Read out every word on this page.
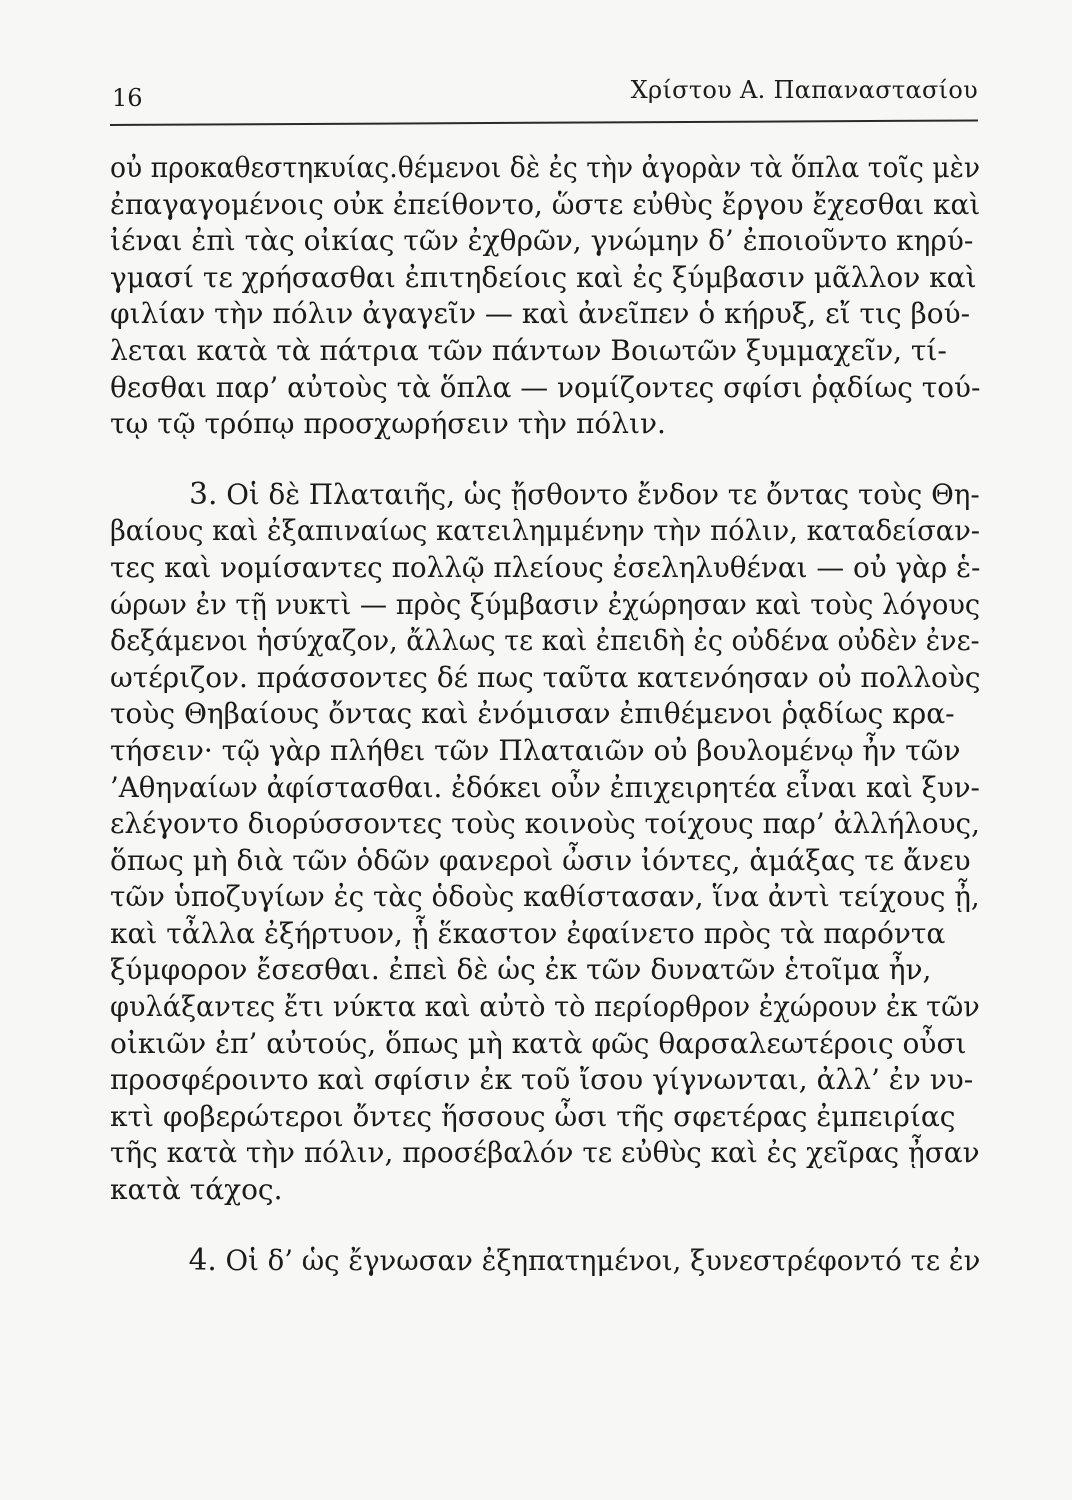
16	Χρίστου Α. Παπαναστασίου
οὐ προκαθεστηκυίας.θέμενοι δὲ ἐς τὴν ἀγορὰν τὰ ὅπλα τοῖς μὲν
ἐπαγαγομένοις οὐκ ἐπείθοντο, ὥστε εὐθὺς ἔργου ἔχεσθαι καὶ
ἰέναι ἐπὶ τὰς οἰκίας τῶν ἐχθρῶν, γνώμην δ’ ἐποιοῦντο κηρύ-
γμασί τε χρήσασθαι ἐπιτηδείοις καὶ ἐς ξύμβασιν μᾶλλον καὶ
φιλίαν τὴν πόλιν ἀγαγεῖν — καὶ ἀνεῖπεν ὁ κήρυξ, εἴ τις βού-
λεται κατὰ τὰ πάτρια τῶν πάντων Βοιωτῶν ξυμμαχεῖν, τί-
θεσθαι παρ’ αὐτοὺς τὰ ὅπλα — νομίζοντες σφίσι ῥᾳδίως τού-
τῳ τῷ τρόπῳ προσχωρήσειν τὴν πόλιν.
3. Οἱ δὲ Πλαταιῆς, ὡς ᾔσθοντο ἔνδον τε ὄντας τοὺς Θη-
βαίους καὶ ἐξαπιναίως κατειλημμένην τὴν πόλιν, καταδείσαν-
τες καὶ νομίσαντες πολλῷ πλείους ἐσεληλυθέναι — οὐ γὰρ ἑ-
ώρων ἐν τῇ νυκτὶ — πρὸς ξύμβασιν ἐχώρησαν καὶ τοὺς λόγους
δεξάμενοι ἡσύχαζον, ἄλλως τε καὶ ἐπειδὴ ἐς οὐδένα οὐδὲν ἐνε-
ωτέριζον. πράσσοντες δέ πως ταῦτα κατενόησαν οὐ πολλοὺς
τοὺς Θηβαίους ὄντας καὶ ἐνόμισαν ἐπιθέμενοι ῥᾳδίως κρα-
τήσειν· τῷ γὰρ πλήθει τῶν Πλαταιῶν οὐ βουλομένῳ ἦν τῶν
’Αθηναίων ἀφίστασθαι. ἐδόκει οὖν ἐπιχειρητέα εἶναι καὶ ξυν-
ελέγοντο διορύσσοντες τοὺς κοινοὺς τοίχους παρ’ ἀλλήλους,
ὅπως μὴ διὰ τῶν ὁδῶν φανεροὶ ὦσιν ἰόντες, ἁμάξας τε ἄνευ
τῶν ὑποζυγίων ἐς τὰς ὁδοὺς καθίστασαν, ἵνα ἀντὶ τείχους ᾖ,
καὶ τἆλλα ἐξήρτυον, ᾗ ἕκαστον ἐφαίνετο πρὸς τὰ παρόντα
ξύμφορον ἔσεσθαι. ἐπεὶ δὲ ὡς ἐκ τῶν δυνατῶν ἑτοῖμα ἦν,
φυλάξαντες ἔτι νύκτα καὶ αὐτὸ τὸ περίορθρον ἐχώρουν ἐκ τῶν
οἰκιῶν ἐπ’ αὐτούς, ὅπως μὴ κατὰ φῶς θαρσαλεωτέροις οὖσι
προσφέροιντο καὶ σφίσιν ἐκ τοῦ ἴσου γίγνωνται, ἀλλ’ ἐν νυ-
κτὶ φοβερώτεροι ὄντες ἥσσους ὦσι τῆς σφετέρας ἐμπειρίας
τῆς κατὰ τὴν πόλιν, προσέβαλόν τε εὐθὺς καὶ ἐς χεῖρας ᾖσαν
κατὰ τάχος.
4. Οἱ δ’ ὡς ἔγνωσαν ἐξηπατημένοι, ξυνεστρέφοντό τε ἐν
